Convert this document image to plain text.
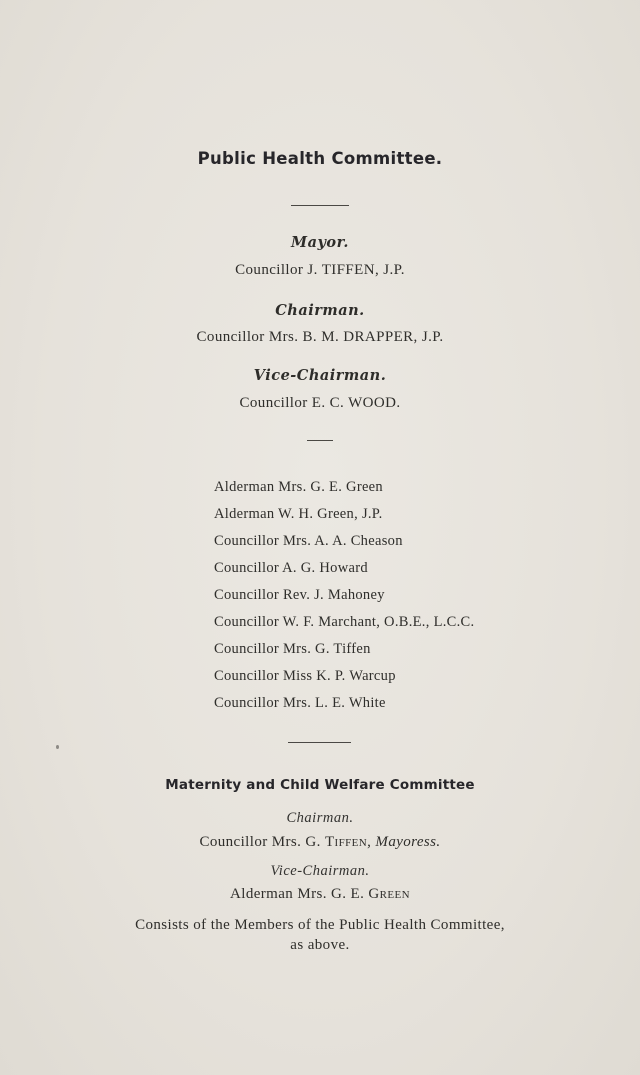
Public Health Committee.
Mayor.
Councillor J. TIFFEN, J.P.
Chairman.
Councillor Mrs. B. M. DRAPPER, J.P.
Vice-Chairman.
Councillor E. C. WOOD.
Alderman Mrs. G. E. Green
Alderman W. H. Green, J.P.
Councillor Mrs. A. A. Cheason
Councillor A. G. Howard
Councillor Rev. J. Mahoney
Councillor W. F. Marchant, O.B.E., L.C.C.
Councillor Mrs. G. Tiffen
Councillor Miss K. P. Warcup
Councillor Mrs. L. E. White
Maternity and Child Welfare Committee
Chairman.
Councillor Mrs. G. Tiffen, Mayoress.
Vice-Chairman.
Alderman Mrs. G. E. Green
Consists of the Members of the Public Health Committee,
as above.
